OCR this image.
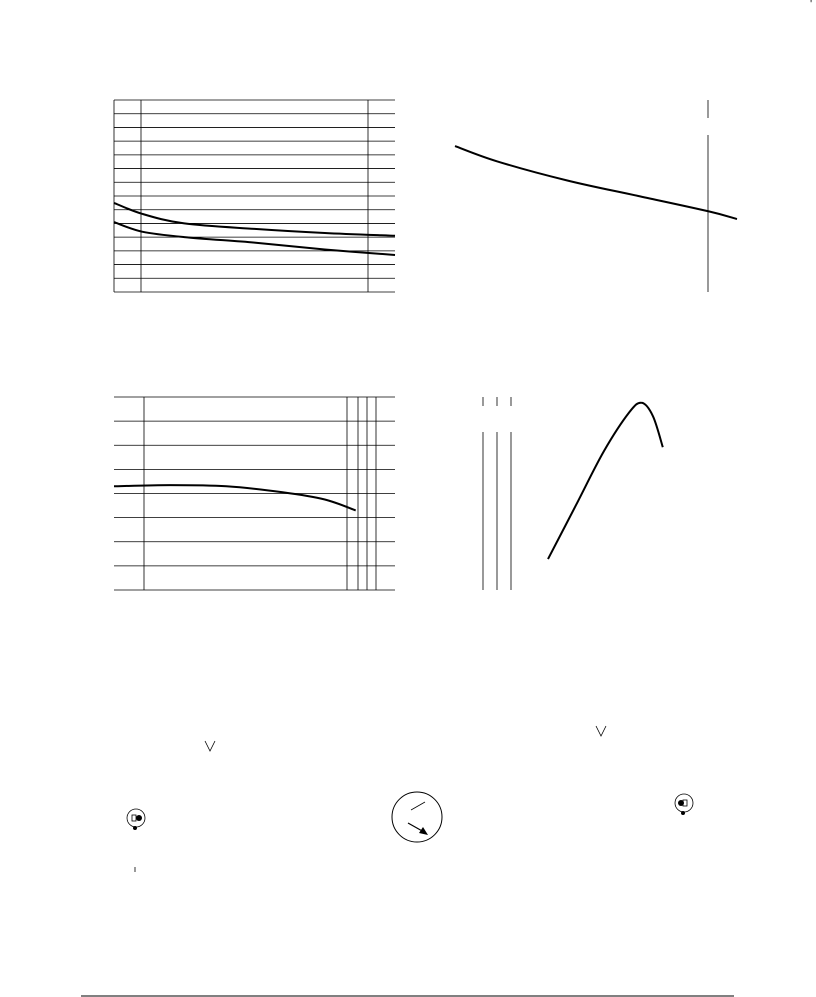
'
